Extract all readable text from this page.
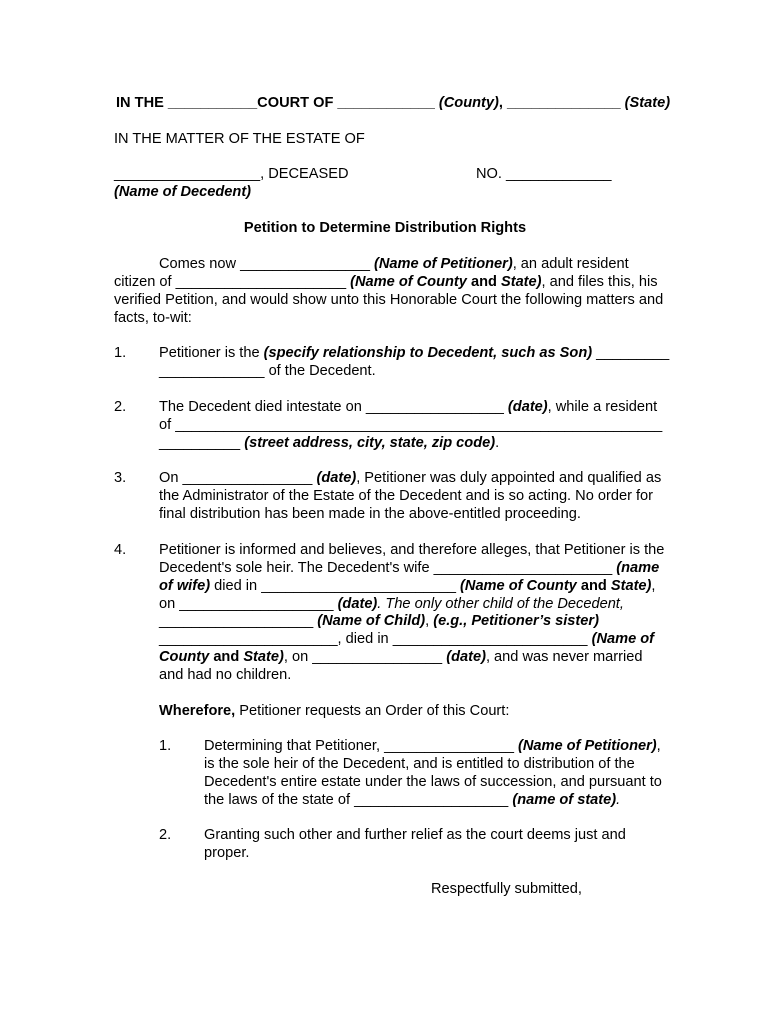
IN THE ___________COURT OF ____________ (County), ______________ (State)
IN THE MATTER OF THE ESTATE OF
__________________, DECEASED	NO. _____________
(Name of Decedent)
Petition to Determine Distribution Rights
Comes now ________________ (Name of Petitioner), an adult resident
citizen of _____________________ (Name of County and State), and files this, his
verified Petition, and would show unto this Honorable Court the following matters and
facts, to-wit:
1. Petitioner is the (specify relationship to Decedent, such as Son) _________
_____________ of the Decedent.
2. The Decedent died intestate on _________________ (date), while a resident
of ____________________________________________________________
__________ (street address, city, state, zip code).
3. On ________________ (date), Petitioner was duly appointed and qualified as
the Administrator of the Estate of the Decedent and is so acting. No order for
final distribution has been made in the above-entitled proceeding.
4. Petitioner is informed and believes, and therefore alleges, that Petitioner is the
Decedent's sole heir. The Decedent's wife ______________________ (name
of wife) died in ________________________ (Name of County and State),
on ___________________ (date). The only other child of the Decedent,
___________________ (Name of Child), (e.g., Petitioner’s sister)
______________________, died in ________________________ (Name of
County and State), on ________________ (date), and was never married
and had no children.
Wherefore, Petitioner requests an Order of this Court:
1. Determining that Petitioner, ________________ (Name of Petitioner),
is the sole heir of the Decedent, and is entitled to distribution of the
Decedent's entire estate under the laws of succession, and pursuant to
the laws of the state of ___________________ (name of state).
2. Granting such other and further relief as the court deems just and
proper.
Respectfully submitted,
